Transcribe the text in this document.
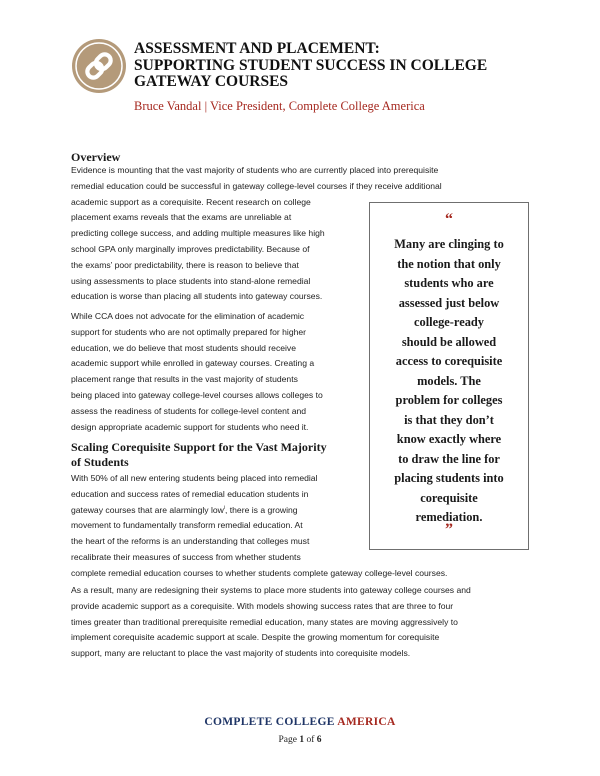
ASSESSMENT AND PLACEMENT:
SUPPORTING STUDENT SUCCESS IN COLLEGE
GATEWAY COURSES
Bruce Vandal | Vice President, Complete College America
Overview
Evidence is mounting that the vast majority of students who are currently placed into prerequisite
remedial education could be successful in gateway college-level courses if they receive additional
academic support as a corequisite. Recent research on college
placement exams reveals that the exams are unreliable at
predicting college success, and adding multiple measures like high
school GPA only marginally improves predictability. Because of
the exams’ poor predictability, there is reason to believe that
using assessments to place students into stand-alone remedial
education is worse than placing all students into gateway courses.
While CCA does not advocate for the elimination of academic
support for students who are not optimally prepared for higher
education, we do believe that most students should receive
academic support while enrolled in gateway courses. Creating a
placement range that results in the vast majority of students
being placed into gateway college-level courses allows colleges to
assess the readiness of students for college-level content and
design appropriate academic support for students who need it.
Scaling Corequisite Support for the Vast Majority
of Students
With 50% of all new entering students being placed into remedial
education and success rates of remedial education students in
gateway courses that are alarmingly low$^i$, there is a growing
movement to fundamentally transform remedial education. At
the heart of the reforms is an understanding that colleges must
recalibrate their measures of success from whether students
complete remedial education courses to whether students complete gateway college-level courses.
As a result, many are redesigning their systems to place more students into gateway college courses and
provide academic support as a corequisite. With models showing success rates that are three to four
times greater than traditional prerequisite remedial education, many states are moving aggressively to
implement corequisite academic support at scale. Despite the growing momentum for corequisite
support, many are reluctant to place the vast majority of students into corequisite models.
“
Many are clinging to
the notion that only
students who are
assessed just below
college-ready
should be allowed
access to corequisite
models. The
problem for colleges
is that they don’t
know exactly where
to draw the line for
placing students into
corequisite
remediation.
”
COMPLETE COLLEGE AMERICA
Page 1 of 6
